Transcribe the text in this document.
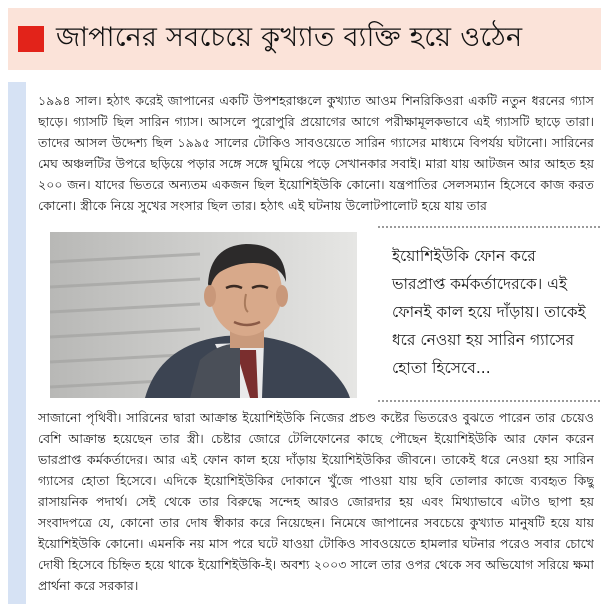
জাপানের সবচেয়ে কুখ্যাত ব্যক্তি হয়ে ওঠেন

১৯৯৪ সাল। হঠাৎ করেই জাপানের একটি উপশহরাঞ্চলে কুখ্যাত আওম শিনরিকিওরা একটি নতুন ধরনের গ্যাস ছাড়ে। গ্যাসটি ছিল সারিন গ্যাস। আসলে পুরোপুরি প্রয়োগের আগে পরীক্ষামূলকভাবে এই গ্যাসটি ছাড়ে তারা। তাদের আসল উদ্দেশ্য ছিল ১৯৯৫ সালের টোকিও সাবওয়েতে সারিন গ্যাসের মাধ্যমে বিপর্যয় ঘটানো। সারিনের মেঘ অঞ্চলটির উপরে ছড়িয়ে পড়ার সঙ্গে সঙ্গে ঘুমিয়ে পড়ে সেখানকার সবাই। মারা যায় আটজন আর আহত হয় ২০০ জন। যাদের ভিতরে অন্যতম একজন ছিল ইয়োশিইউকি কোনো। যন্ত্রপাতির সেলসম্যান হিসেবে কাজ করত কোনো। স্ত্রীকে নিয়ে সুখের সংসার ছিল তার। হঠাৎ এই ঘটনায় উলোটপালোট হয়ে যায় তার

ইয়োশিইউকি ফোন করে ভারপ্রাপ্ত কর্মকর্তাদেরকে। এই ফোনই কাল হয়ে দাঁড়ায়। তাকেই ধরে নেওয়া হয় সারিন গ্যাসের হোতা হিসেবে...

সাজানো পৃথিবী। সারিনের দ্বারা আক্রান্ত ইয়োশিইউকি নিজের প্রচণ্ড কষ্টের ভিতরেও বুঝতে পারেন তার চেয়েও বেশি আক্রান্ত হয়েছেন তার স্ত্রী। চেষ্টার জোরে টেলিফোনের কাছে পৌছেন ইয়োশিইউকি আর ফোন করেন ভারপ্রাপ্ত কর্মকর্তাদের। আর এই ফোন কাল হয়ে দাঁড়ায় ইয়োশিইউকির জীবনে। তাকেই ধরে নেওয়া হয় সারিন গ্যাসের হোতা হিসেবে। এদিকে ইয়োশিইউকির দোকানে খুঁজে পাওয়া যায় ছবি তোলার কাজে ব্যবহৃত কিছু রাসায়নিক পদার্থ। সেই থেকে তার বিরুদ্ধে সন্দেহ আরও জোরদার হয় এবং মিথ্যাভাবে এটাও ছাপা হয় সংবাদপত্রে যে, কোনো তার দোষ স্বীকার করে নিয়েছেন। নিমেষে জাপানের সবচেয়ে কুখ্যাত মানুষটি হয়ে যায় ইয়োশিইউকি কোনো। এমনকি নয় মাস পরে ঘটে যাওয়া টোকিও সাবওয়েতে হামলার ঘটনার পরেও সবার চোখে দোষী হিসেবে চিহ্নিত হয়ে থাকে ইয়োশিইউকি-ই। অবশ্য ২০০৩ সালে তার ওপর থেকে সব অভিযোগ সরিয়ে ক্ষমা প্রার্থনা করে সরকার।
